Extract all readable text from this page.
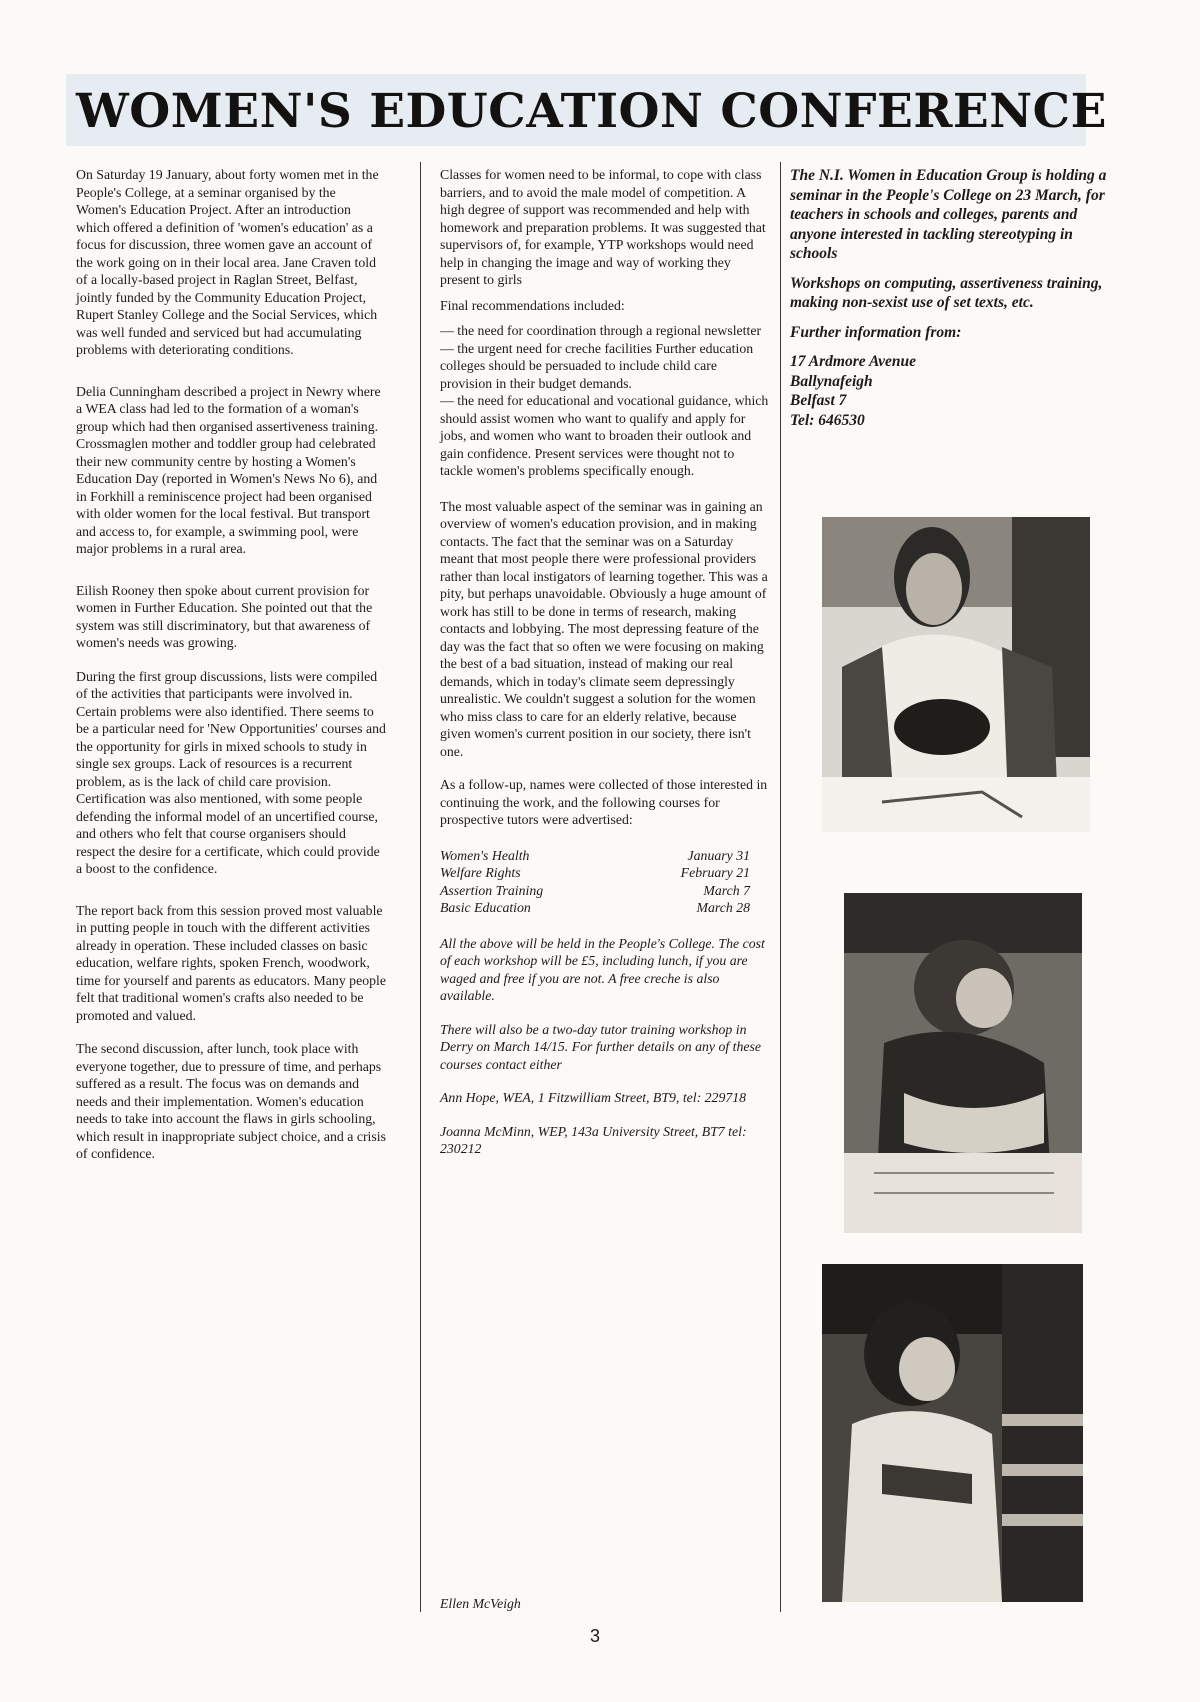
WOMEN'S EDUCATION CONFERENCE

On Saturday 19 January, about forty women met in the People's College, at a seminar organised by the Women's Education Project. After an introduction which offered a definition of 'women's education' as a focus for discussion, three women gave an account of the work going on in their local area. Jane Craven told of a locally-based project in Raglan Street, Belfast, jointly funded by the Community Education Project, Rupert Stanley College and the Social Services, which was well funded and serviced but had accumulating problems with deteriorating conditions.

Delia Cunningham described a project in Newry where a WEA class had led to the formation of a woman's group which had then organised assertiveness training. Crossmaglen mother and toddler group had celebrated their new community centre by hosting a Women's Education Day (reported in Women's News No 6), and in Forkhill a reminiscence project had been organised with older women for the local festival. But transport and access to, for example, a swimming pool, were major problems in a rural area.

Eilish Rooney then spoke about current provision for women in Further Education. She pointed out that the system was still discriminatory, but that awareness of women's needs was growing.

During the first group discussions, lists were compiled of the activities that participants were involved in. Certain problems were also identified. There seems to be a particular need for 'New Opportunities' courses and the opportunity for girls in mixed schools to study in single sex groups. Lack of resources is a recurrent problem, as is the lack of child care provision. Certification was also mentioned, with some people defending the informal model of an uncertified course, and others who felt that course organisers should respect the desire for a certificate, which could provide a boost to the confidence.

The report back from this session proved most valuable in putting people in touch with the different activities already in operation. These included classes on basic education, welfare rights, spoken French, woodwork, time for yourself and parents as educators. Many people felt that traditional women's crafts also needed to be promoted and valued.

The second discussion, after lunch, took place with everyone together, due to pressure of time, and perhaps suffered as a result. The focus was on demands and needs and their implementation. Women's education needs to take into account the flaws in girls schooling, which result in inappropriate subject choice, and a crisis of confidence.

Classes for women need to be informal, to cope with class barriers, and to avoid the male model of competition. A high degree of support was recommended and help with homework and preparation problems. It was suggested that supervisors of, for example, YTP workshops would need help in changing the image and way of working they present to girls

Final recommendations included:

— the need for coordination through a regional newsletter

— the urgent need for creche facilities Further education colleges should be persuaded to include child care provision in their budget demands.

— the need for educational and vocational guidance, which should assist women who want to qualify and apply for jobs, and women who want to broaden their outlook and gain confidence. Present services were thought not to tackle women's problems specifically enough.

The most valuable aspect of the seminar was in gaining an overview of women's education provision, and in making contacts. The fact that the seminar was on a Saturday meant that most people there were professional providers rather than local instigators of learning together. This was a pity, but perhaps unavoidable. Obviously a huge amount of work has still to be done in terms of research, making contacts and lobbying. The most depressing feature of the day was the fact that so often we were focusing on making the best of a bad situation, instead of making our real demands, which in today's climate seem depressingly unrealistic. We couldn't suggest a solution for the women who miss class to care for an elderly relative, because given women's current position in our society, there isn't one.

As a follow-up, names were collected of those interested in continuing the work, and the following courses for prospective tutors were advertised:

Women's Health	January 31
Welfare Rights	February 21
Assertion Training	March 7
Basic Education	March 28

All the above will be held in the People's College. The cost of each workshop will be £5, including lunch, if you are waged and free if you are not. A free creche is also available.

There will also be a two-day tutor training workshop in Derry on March 14/15. For further details on any of these courses contact either

Ann Hope, WEA, 1 Fitzwilliam Street, BT9, tel: 229718

Joanna McMinn, WEP, 143a University Street, BT7 tel: 230212

Ellen McVeigh

The N.I. Women in Education Group is holding a seminar in the People's College on 23 March, for teachers in schools and colleges, parents and anyone interested in tackling stereotyping in schools

Workshops on computing, assertiveness training, making non-sexist use of set texts, etc.

Further information from:

17 Ardmore Avenue

Ballynafeigh

Belfast 7

Tel: 646530

3
